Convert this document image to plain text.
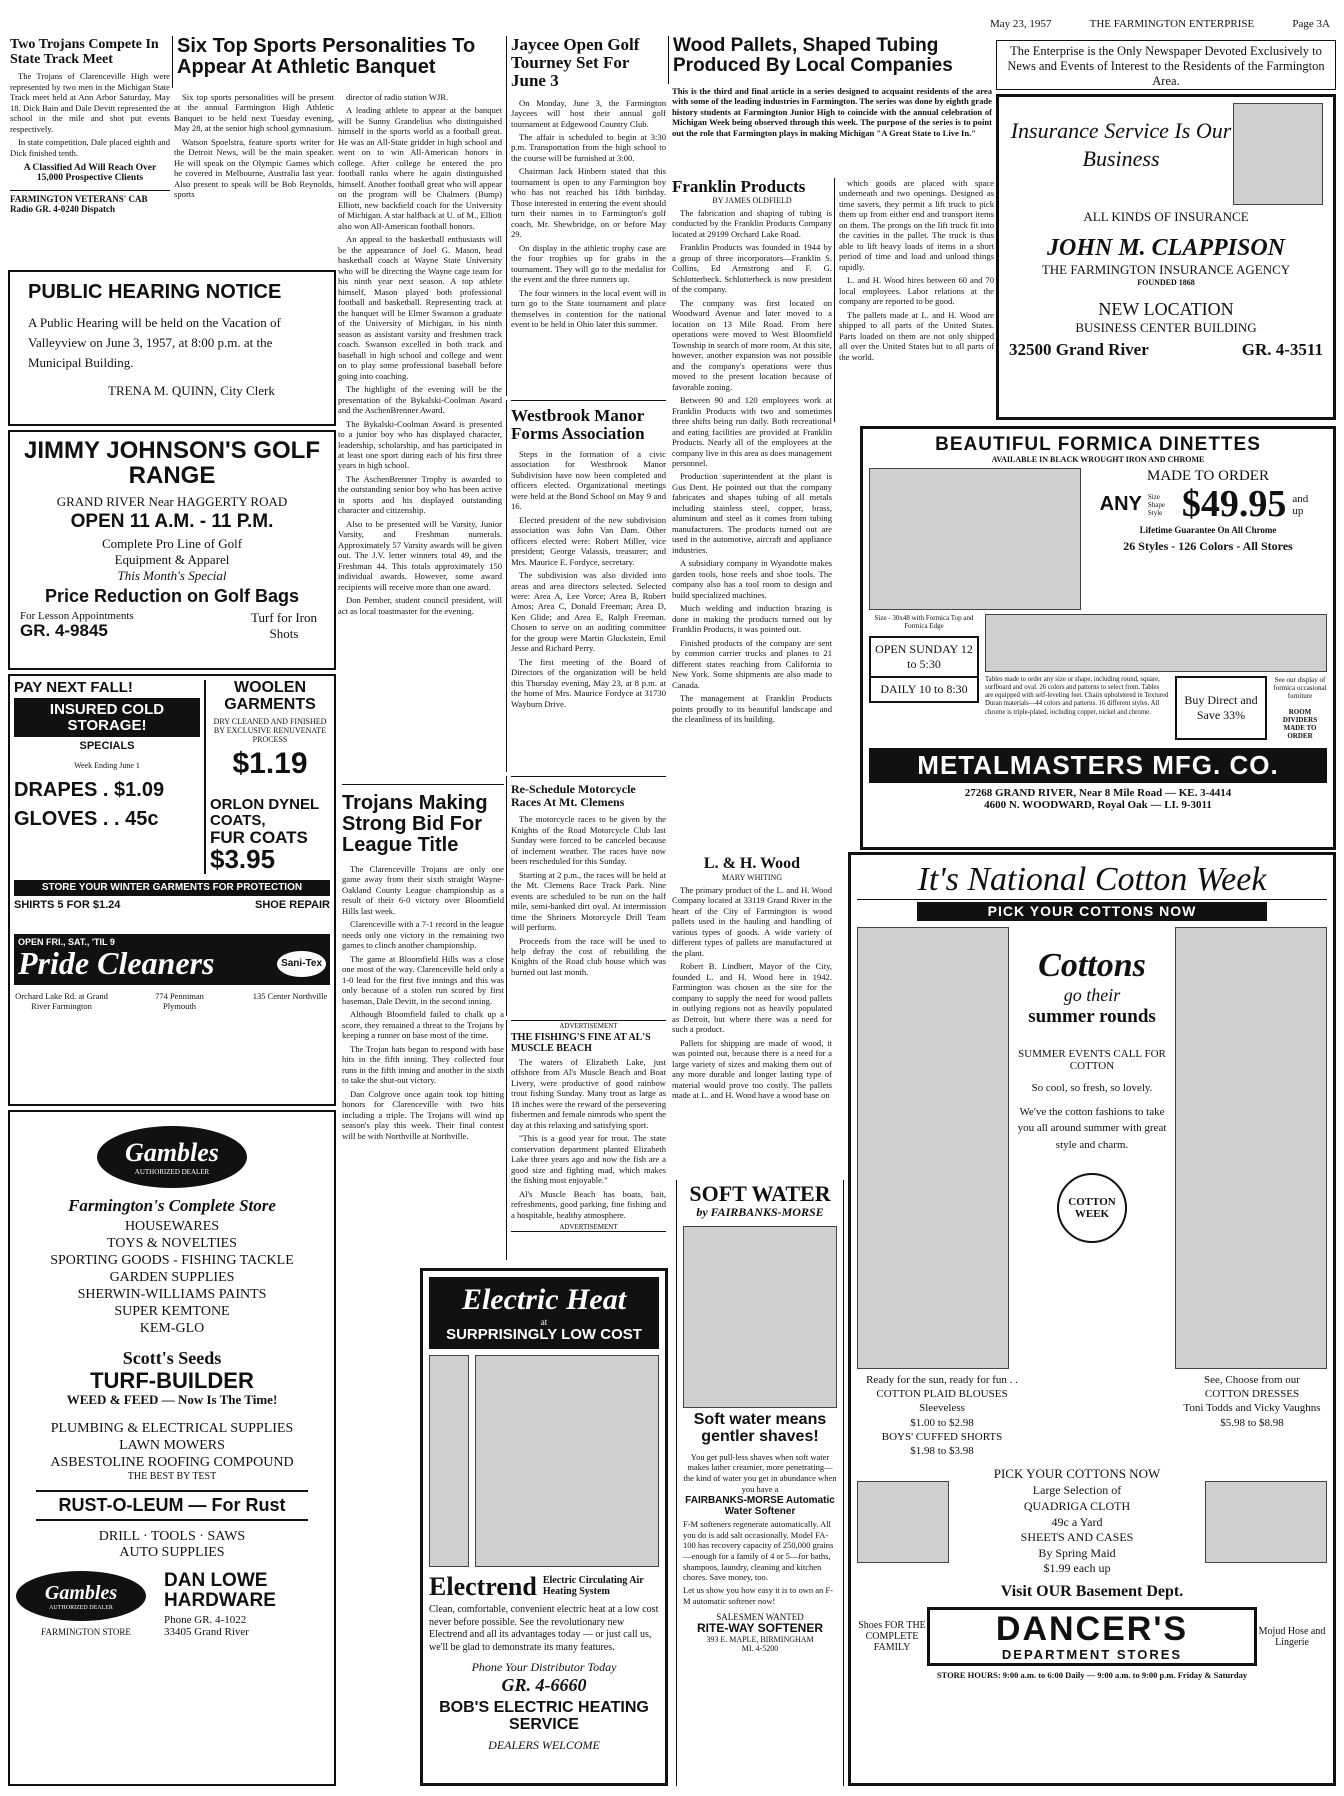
May 23, 1957	THE FARMINGTON ENTERPRISE	Page 3A
Two Trojans Compete In State Track Meet

The Trojans of Clarenceville High were represented by two men in the Michigan State Track meet held at Ann Arbor Saturday, May 18. Dick Bain and Dale Devitt represented the school in the mile and shot put events respectively.

In state competition, Dale placed eighth and Dick finished tenth.

A Classified Ad Will Reach Over 15,000 Prospective Clients
FARMINGTON VETERANS' CAB Radio GR. 4-0240 Dispatch
Six Top Sports Personalities To Appear At Athletic Banquet

Six top sports personalities will be present at the annual Farmington High Athletic Banquet to be held next Tuesday evening, May 28, at the senior high school gymnasium.

Watson Spoelstra, feature sports writer for the Detroit News, will be the main speaker. He will speak on the Olympic Games which he covered in Melbourne, Australia last year. Also present to speak will be Bob Reynolds, sports

director of radio station WJR.

A leading athlete to appear at the banquet will be Sunny Grandelius who distinguished himself in the sports world as a football great. He was an All-State gridder in high school and went on to win All-American honors in college. After college he entered the pro football ranks where he again distinguished himself. Another football great who will appear on the program will be Chalmers (Bump) Elliott, new backfield coach for the University of Michigan. A star halfback at U. of M., Elliott also won All-American football honors.

An appeal to the basketball enthusiasts will be the appearance of Joel G. Mason, head basketball coach at Wayne State University who will be directing the Wayne cage team for his ninth year next season. A top athlete himself, Mason played both professional football and basketball. Representing track at the banquet will be Elmer Swanson a graduate of the University of Michigan, in his ninth season as assistant varsity and freshmen track coach. Swanson excelled in both track and baseball in high school and college and went on to play some professional baseball before going into coaching.

The highlight of the evening will be the presentation of the Bykalski-Coolman Award and the AschenBrenner Award.

The Bykalski-Coolman Award is presented to a junior boy who has displayed character, leadership, scholarship, and has participated in at least one sport during each of his first three years in high school.

The AschenBrenner Trophy is awarded to the outstanding senior boy who has been active in sports and his displayed outstanding character and citizenship.

Also to be presented will be Varsity, Junior Varsity, and Freshman numerals. Approximately 57 Varsity awards will be given out. The J.V. letter winners total 49, and the Freshman 44. This totals approximately 150 individual awards. However, some award recipients will receive more than one award.

Don Pember, student council president, will act as local toastmaster for the evening.

PUBLIC HEARING NOTICE
A Public Hearing will be held on the Vacation of Valleyview on June 3, 1957, at 8:00 p.m. at the Municipal Building.
TRENA M. QUINN, City Clerk
JIMMY JOHNSON'S GOLF RANGE
GRAND RIVER Near HAGGERTY ROAD
OPEN 11 A.M. - 11 P.M.
Complete Pro Line of Golf
Equipment & Apparel
This Month's Special
Price Reduction on Golf Bags
For Lesson Appointments
GR. 4-9845
Turf for Iron Shots
PAY NEXT FALL!
INSURED COLD STORAGE!
SPECIALS
Week Ending June 1
DRAPES . $1.09
GLOVES . . 45c
WOOLEN GARMENTS
DRY CLEANED AND FINISHED BY EXCLUSIVE RENUVENATE PROCESS
$1.19
ORLON DYNEL COATS,
FUR COATS
$3.95
STORE YOUR WINTER GARMENTS FOR PROTECTION
SHIRTS 5 FOR $1.24	SHOE REPAIR
OPEN FRI., SAT., 'TIL 9
Pride Cleaners	Sani-Tex
Orchard Lake Rd. at Grand River Farmington
774 Penniman Plymouth
135 Center Northville
Gambles
AUTHORIZED DEALER
Farmington's Complete Store
HOUSEWARES
TOYS & NOVELTIES
SPORTING GOODS - FISHING TACKLE
GARDEN SUPPLIES
SHERWIN-WILLIAMS PAINTS
SUPER KEMTONE
KEM-GLO
Scott's Seeds
TURF-BUILDER
WEED & FEED — Now Is The Time!
PLUMBING & ELECTRICAL SUPPLIES
LAWN MOWERS
ASBESTOLINE ROOFING COMPOUND
THE BEST BY TEST
RUST-O-LEUM — For Rust
DRILL · TOOLS · SAWS
AUTO SUPPLIES
Gambles
AUTHORIZED DEALER
FARMINGTON STORE
DAN LOWE HARDWARE
Phone GR. 4-1022
33405 Grand River
Trojans Making Strong Bid For League Title

The Clarenceville Trojans are only one game away from their sixth straight Wayne-Oakland County League championship as a result of their 6-0 victory over Bloomfield Hills last week.

Clarenceville with a 7-1 record in the league needs only one victory in the remaining two games to clinch another championship.

The game at Bloomfield Hills was a close one most of the way. Clarenceville held only a 1-0 lead for the first five innings and this was only because of a stolen run scored by first baseman, Dale Devitt, in the second inning.

Although Bloomfield failed to chalk up a score, they remained a threat to the Trojans by keeping a runner on base most of the time.

The Trojan bats began to respond with base hits in the fifth inning. They collected four runs in the fifth inning and another in the sixth to take the shut-out victory.

Dan Colgrove once again took top hitting honors for Clarenceville with two hits including a triple. The Trojans will wind up season's play this week. Their final contest will be with Northville at Northville.

Jaycee Open Golf Tourney Set For June 3

On Monday, June 3, the Farmington Jaycees will host their annual golf tournament at Edgewood Country Club.

The affair is scheduled to begin at 3:30 p.m. Transportation from the high school to the course will be furnished at 3:00.

Chairman Jack Hinbern stated that this tournament is open to any Farmington boy who has not reached his 18th birthday. Those interested in entering the event should turn their names in to Farmington's golf coach, Mr. Shewbridge, on or before May 29.

On display in the athletic trophy case are the four trophies up for grabs in the tournament. They will go to the medalist for the event and the three runners up.

The four winners in the local event will in turn go to the State tournament and place themselves in contention for the national event to be held in Ohio later this summer.

Westbrook Manor Forms Association

Steps in the formation of a civic association for Westbrook Manor Subdivision have now been completed and officers elected. Organizational meetings were held at the Bond School on May 9 and 16.

Elected president of the new subdivision association was John Van Dam. Other officers elected were: Robert Miller, vice president; George Valassis, treasurer; and Mrs. Maurice E. Fordyce, secretary.

The subdivision was also divided into areas and area directors selected. Selected were: Area A, Lee Vorce; Area B, Robert Amos; Area C, Donald Freeman; Area D, Ken Glide; and Area E, Ralph Freeman. Chosen to serve on an auditing committee for the group were Martin Gluckstein, Emil Jesse and Richard Perry.

The first meeting of the Board of Directors of the organization will be held this Thursday evening, May 23, at 8 p.m. at the home of Mrs. Maurice Fordyce at 31730 Wayburn Drive.

Re-Schedule Motorcycle Races At Mt. Clemens

The motorcycle races to be given by the Knights of the Road Motorcycle Club last Sunday were forced to be canceled because of inclement weather. The races have now been rescheduled for this Sunday.

Starting at 2 p.m., the races will be held at the Mt. Clemens Race Track Park. Nine events are scheduled to be run on the half mile, semi-banked dirt oval. At intermission time the Shriners Motorcycle Drill Team will perform.

Proceeds from the race will be used to help defray the cost of rebuilding the Knights of the Road club house which was burned out last month.

ADVERTISEMENT
THE FISHING'S FINE AT AL'S MUSCLE BEACH

The waters of Elizabeth Lake, just offshore from Al's Muscle Beach and Boat Livery, were productive of good rainbow trout fishing Sunday. Many trout as large as 18 inches were the reward of the persevering fishermen and female nimrods who spent the day at this relaxing and satisfying sport.

"This is a good year for trout. The state conservation department planted Elizabeth Lake three years ago and now the fish are a good size and fighting mad, which makes the fishing most enjoyable."

Al's Muscle Beach has boats, bait, refreshments, good parking, fine fishing and a hospitable, healthy atmosphere.

ADVERTISEMENT
Electric Heat
at
SURPRISINGLY LOW COST
Electrend Electric Circulating Air Heating System
Clean, comfortable, convenient electric heat at a low cost never before possible. See the revolutionary new Electrend and all its advantages today — or just call us, we'll be glad to demonstrate its many features.
Phone Your Distributor Today
GR. 4-6660
BOB'S ELECTRIC HEATING SERVICE
DEALERS WELCOME
Wood Pallets, Shaped Tubing Produced By Local Companies
This is the third and final article in a series designed to acquaint residents of the area with some of the leading industries in Farmington. The series was done by eighth grade history students at Farmington Junior High to coincide with the annual celebration of Michigan Week being observed through this week. The purpose of the series is to point out the role that Farmington plays in making Michigan "A Great State to Live In."
Franklin Products
BY JAMES OLDFIELD

The fabrication and shaping of tubing is conducted by the Franklin Products Company located at 29199 Orchard Lake Road.

Franklin Products was founded in 1944 by a group of three incorporators—Franklin S. Collins, Ed Armstrong and F. G. Schlotterbeck. Schlotterbeck is now president of the company.

The company was first located on Woodward Avenue and later moved to a location on 13 Mile Road. From here operations were moved to West Bloomfield Township in search of more room. At this site, however, another expansion was not possible and the company's operations were thus moved to the present location because of favorable zoning.

Between 90 and 120 employees work at Franklin Products with two and sometimes three shifts being run daily. Both recreational and eating facilities are provided at Franklin Products. Nearly all of the employees at the company live in this area as does management personnel.

Production superintendent at the plant is Gus Dent. He pointed out that the company fabricates and shapes tubing of all metals including stainless steel, copper, brass, aluminum and steel as it comes from tubing manufacturers. The products turned out are used in the automotive, aircraft and appliance industries.

A subsidiary company in Wyandotte makes garden tools, hose reels and shoe tools. The company also has a tool room to design and build specialized machines.

Much welding and induction brazing is done in making the products turned out by Franklin Products, it was pointed out.

Finished products of the company are sent by common carrier trucks and planes to 21 different states reaching from California to New York. Some shipments are also made to Canada.

The management at Franklin Products points proudly to its beautiful landscape and the cleanliness of its building.

which goods are placed with space underneath and two openings. Designed as time savers, they permit a lift truck to pick them up from either end and transport items on them. The prongs on the lift truck fit into the cavities in the pallet. The truck is thus able to lift heavy loads of items in a short period of time and load and unload things rapidly.

L. and H. Wood hires between 60 and 70 local employees. Labor relations at the company are reported to be good.

The pallets made at L. and H. Wood are shipped to all parts of the United States. Parts loaded on them are not only shipped all over the United States but to all parts of the world.

L. & H. Wood
MARY WHITING

The primary product of the L. and H. Wood Company located at 33119 Grand River in the heart of the City of Farmington is wood pallets used in the hauling and handling of various types of goods. A wide variety of different types of pallets are manufactured at the plant.

Robert B. Lindbert, Mayor of the City, founded L. and H. Wood here in 1942. Farmington was chosen as the site for the company to supply the need for wood pallets in outlying regions not as heavily populated as Detroit, but where there was a need for such a product.

Pallets for shipping are made of wood, it was pointed out, because there is a need for a large variety of sizes and making them out of any more durable and longer lasting type of material would prove too costly. The pallets made at L. and H. Wood have a wood base on

SOFT WATER
by FAIRBANKS-MORSE
Soft water means gentler shaves!
You get pull-less shaves when soft water makes lather creamier, more penetrating—the kind of water you get in abundance when you have a
FAIRBANKS-MORSE Automatic Water Softener
F-M softeners regenerate automatically. All you do is add salt occasionally. Model FA-100 has recovery capacity of 250,000 grains—enough for a family of 4 or 5—for baths, shampoos, laundry, cleaning and kitchen chores. Save money, too.
Let us show you how easy it is to own an F-M automatic softener now!
SALESMEN WANTED
RITE-WAY SOFTENER
393 E. MAPLE, BIRMINGHAM
MI. 4-5200
The Enterprise is the Only Newspaper Devoted Exclusively to News and Events of Interest to the Residents of the Farmington Area.
Insurance Service Is Our Business
ALL KINDS OF INSURANCE
JOHN M. CLAPPISON
THE FARMINGTON INSURANCE AGENCY
FOUNDED 1868
NEW LOCATION
BUSINESS CENTER BUILDING
32500 Grand River	GR. 4-3511
BEAUTIFUL FORMICA DINETTES
AVAILABLE IN BLACK WROUGHT IRON AND CHROME
MADE TO ORDER
ANY Size Shape Style $49.95 and up
Lifetime Guarantee On All Chrome
26 Styles - 126 Colors - All Stores
Size - 30x48 with Formica Top and Formica Edge
OPEN SUNDAY 12 to 5:30
DAILY 10 to 8:30
Tables made to order any size or shape, including round, square, surfboard and oval. 26 colors and patterns to select from. Tables are equipped with self-leveling feet. Chairs upholstered in Textured Duran materials—44 colors and patterns. 16 different styles. All chrome is triple-plated, including copper, nickel and chrome.
Buy Direct and Save 33%
See our display of formica occasional furniture
ROOM DIVIDERS MADE TO ORDER
METALMASTERS MFG. CO.
27268 GRAND RIVER, Near 8 Mile Road — KE. 3-4414
4600 N. WOODWARD, Royal Oak — LI. 9-3011
It's National Cotton Week
PICK YOUR COTTONS NOW
Cottons
go their
summer rounds
SUMMER EVENTS CALL FOR COTTON
So cool, so fresh, so lovely.
We've the cotton fashions to take you all around summer with great style and charm.
COTTON WEEK
Ready for the sun, ready for fun . .
COTTON PLAID BLOUSES
Sleeveless
$1.00 to $2.98
BOYS' CUFFED SHORTS
$1.98 to $3.98
See, Choose from our
COTTON DRESSES
Toni Todds and Vicky Vaughns
$5.98 to $8.98
PICK YOUR COTTONS NOW
Large Selection of
QUADRIGA CLOTH
49c a Yard
SHEETS AND CASES
By Spring Maid
$1.99 each up
Visit OUR Basement Dept.
Shoes FOR THE COMPLETE FAMILY	DANCER'S
DEPARTMENT STORES
Mojud Hose and Lingerie
STORE HOURS: 9:00 a.m. to 6:00 Daily — 9:00 a.m. to 9:00 p.m. Friday & Saturday
